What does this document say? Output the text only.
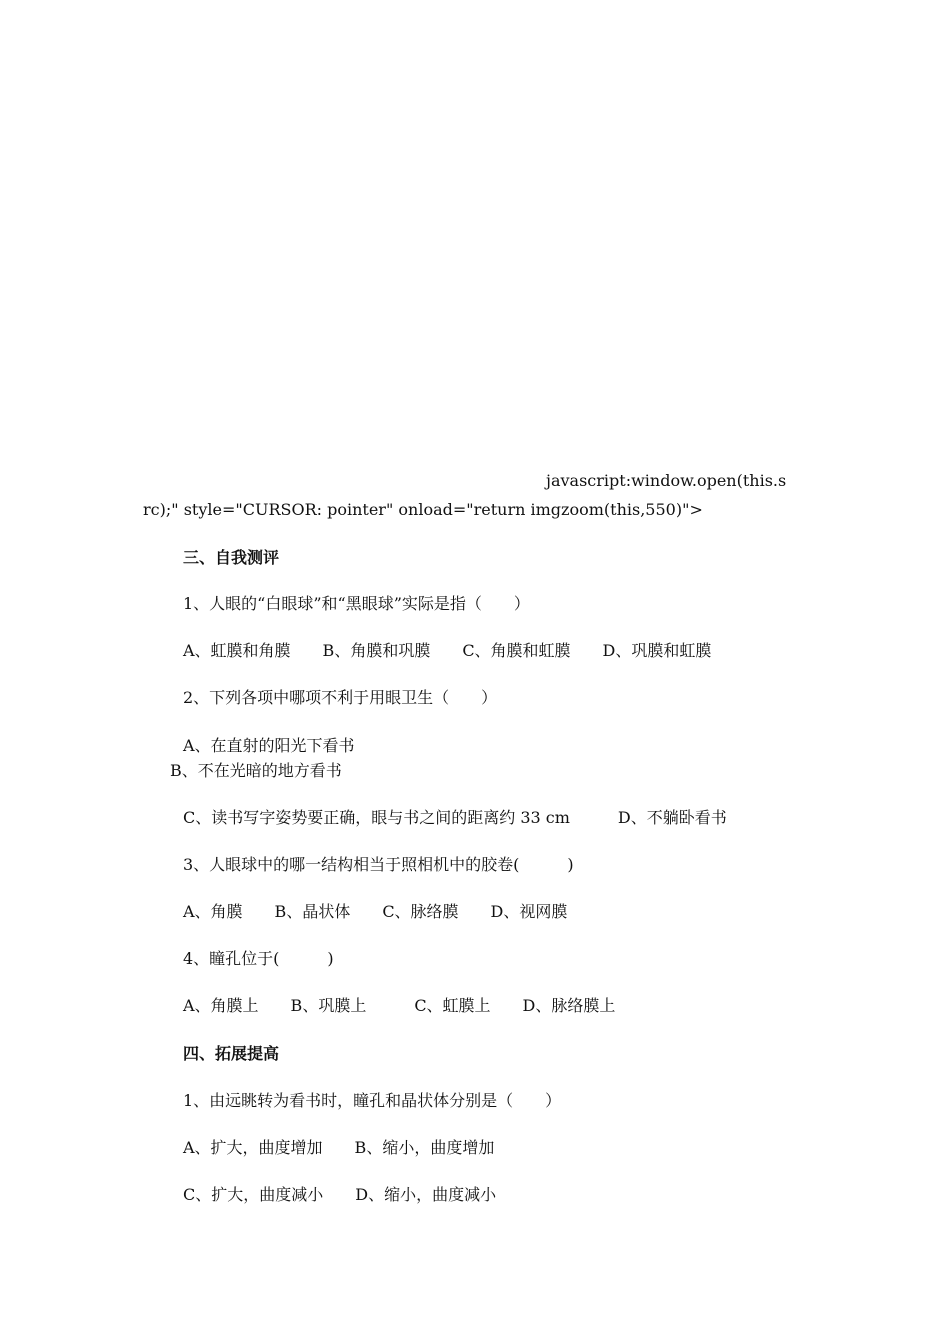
javascript:window.open(this.s
rc);" style="CURSOR: pointer" onload="return imgzoom(this,550)">
三、自我测评
1、人眼的“白眼球”和“黑眼球”实际是指（　　）
A、虹膜和角膜　　B、角膜和巩膜　　C、角膜和虹膜　　D、巩膜和虹膜
2、下列各项中哪项不利于用眼卫生（　　）
A、在直射的阳光下看书
B、不在光暗的地方看书
C、读书写字姿势要正确，眼与书之间的距离约 33 cm　　　D、不躺卧看书
3、人眼球中的哪一结构相当于照相机中的胶卷(　　　)
A、角膜　　B、晶状体　　C、脉络膜　　D、视网膜
4、瞳孔位于(　　　)
A、角膜上　　B、巩膜上　　　C、虹膜上　　D、脉络膜上
四、拓展提高
1、由远眺转为看书时，瞳孔和晶状体分别是（　　）
A、扩大，曲度增加　　B、缩小，曲度增加
C、扩大，曲度减小　　D、缩小，曲度减小
